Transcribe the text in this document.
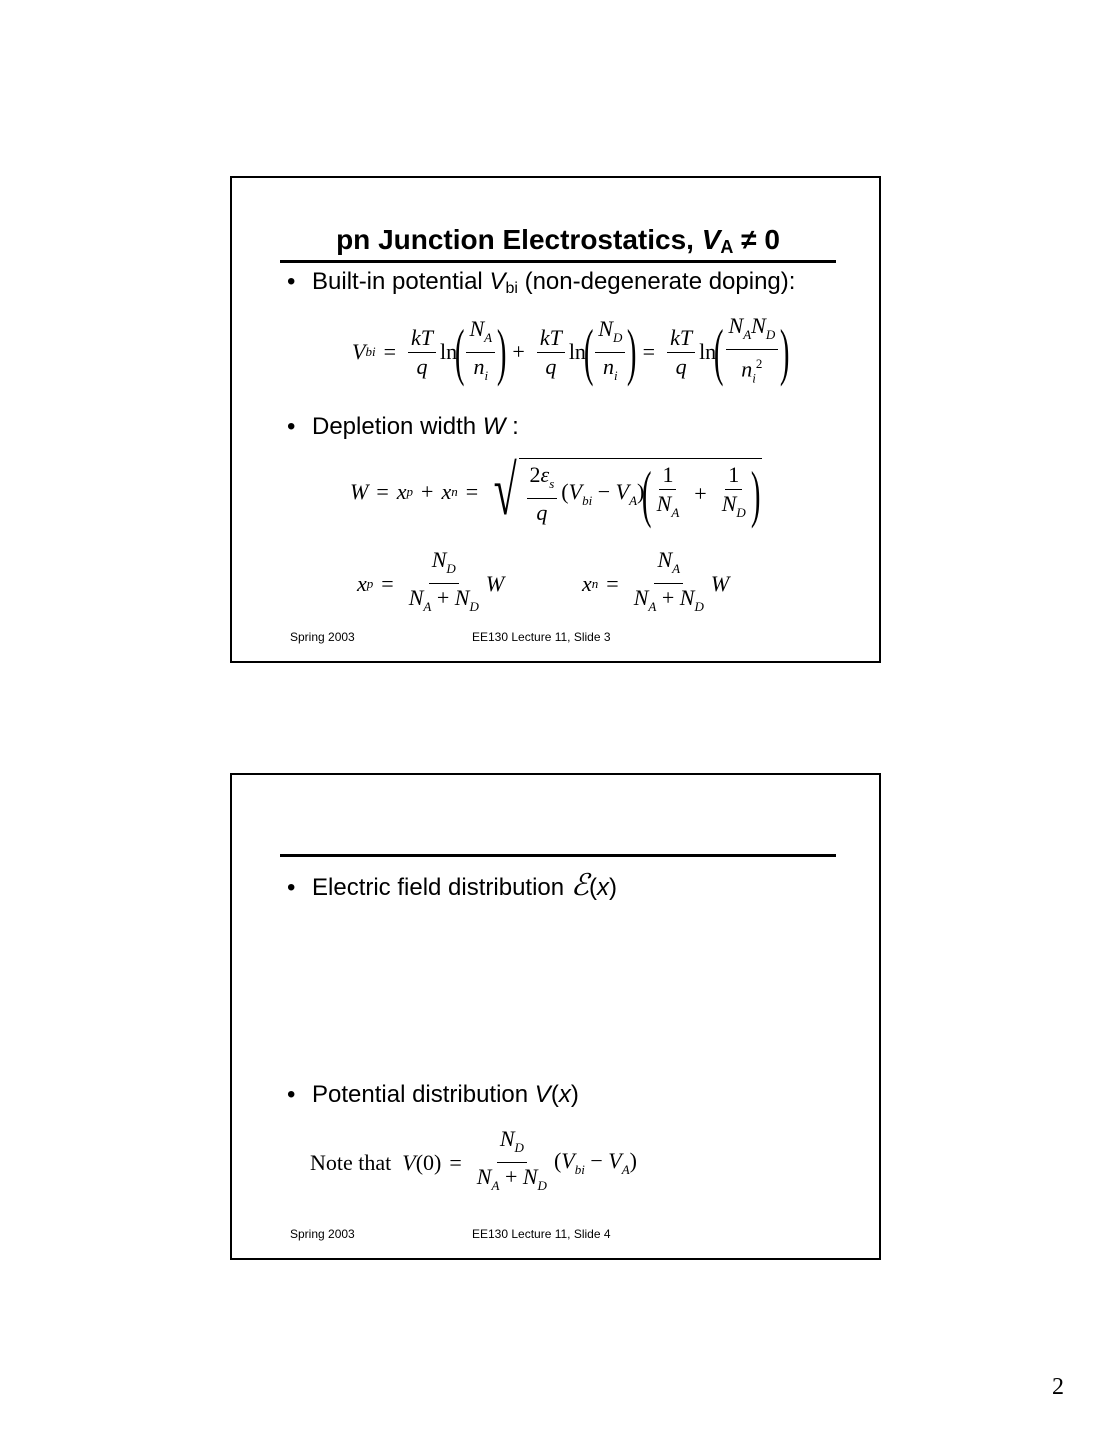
pn Junction Electrostatics, $V_A \ne 0$
• Built-in potential $V_{bi}$ (non-degenerate doping):
V bi = $\frac{kT}{q}$ ln
( $\frac{N_A}{n_i}$ ) + $\frac{kT}{q}$ ln
( $\frac{N_D}{n_i}$ ) = $\frac{kT}{q}$ ln
( $\frac{N_AN_D}{n_i^2}$ )
• Depletion width W :
W = x p + x n = √ $\frac{2\varepsilon_s}{q} (V_{bi} - V_A)$
( $\frac{1}{N_A} + \frac{1}{N_D}$ )
x $p = \frac{N_D}{N_A + N_D}$ W	x $n = \frac{N_A}{N_A + N_D}$ W
Spring 2003	EE130 Lecture 11, Slide 3
• Electric field distribution ℰ(x)
• Potential distribution V(x)
Note that
V $(0) = \frac{N_D}{N_A + N_D} (V_{bi} - V_A)$
Spring 2003	EE130 Lecture 11, Slide 4
2
